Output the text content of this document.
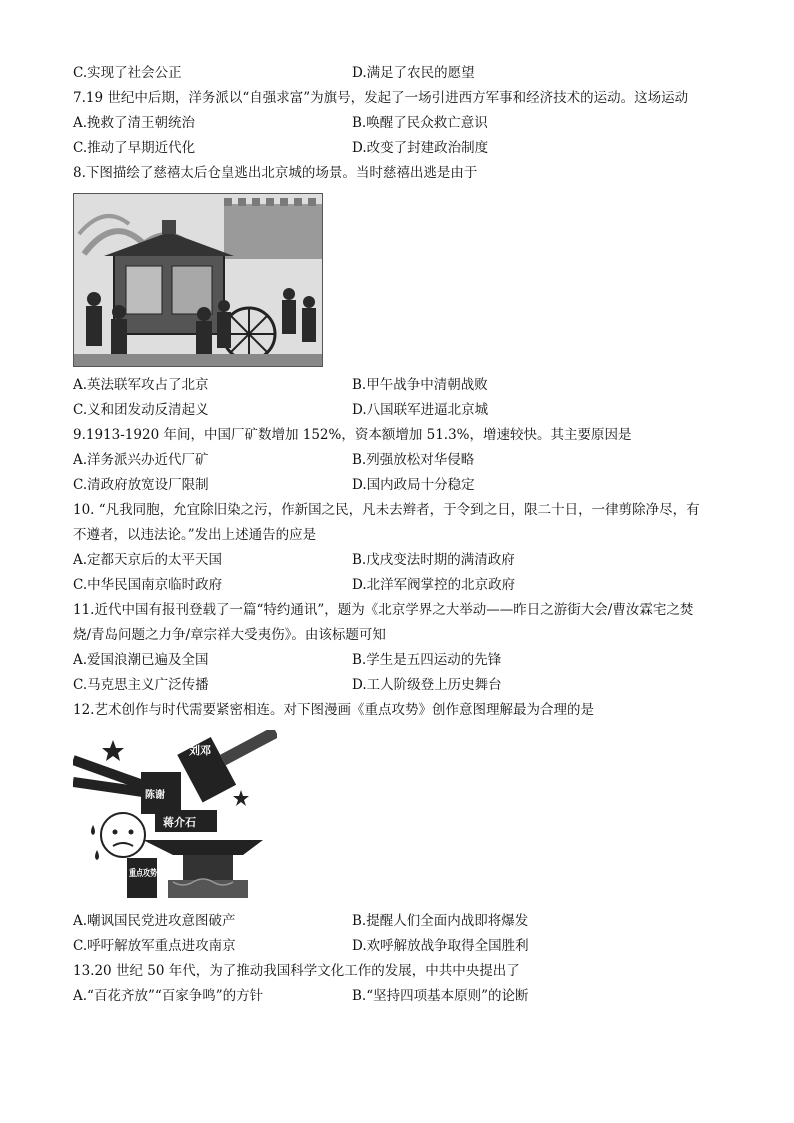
C.实现了社会公正	D.满足了农民的愿望
7.19 世纪中后期，洋务派以“自强求富”为旗号，发起了一场引进西方军事和经济技术的运动。这场运动
A.挽救了清王朝统治	B.唤醒了民众救亡意识
C.推动了早期近代化	D.改变了封建政治制度
8.下图描绘了慈禧太后仓皇逃出北京城的场景。当时慈禧出逃是由于
A.英法联军攻占了北京	B.甲午战争中清朝战败
C.义和团发动反清起义	D.八国联军进逼北京城
9.1913-1920 年间，中国厂矿数增加 152%，资本额增加 51.3%，增速较快。其主要原因是
A.洋务派兴办近代厂矿	B.列强放松对华侵略
C.清政府放宽设厂限制	D.国内政局十分稳定
10. “凡我同胞，允宜除旧染之污，作新国之民，凡未去辫者，于令到之日，限二十日，一律剪除净尽，有
不遵者，以违法论。”发出上述通告的应是
A.定都天京后的太平天国	B.戊戌变法时期的满清政府
C.中华民国南京临时政府	D.北洋军阀掌控的北京政府
11.近代中国有报刊登载了一篇“特约通讯”，题为《北京学界之大举动——昨日之游街大会/曹汝霖宅之焚
烧/青岛问题之力争/章宗祥大受夷伤》。由该标题可知
A.爱国浪潮已遍及全国	B.学生是五四运动的先锋
C.马克思主义广泛传播	D.工人阶级登上历史舞台
12.艺术创作与时代需要紧密相连。对下图漫画《重点攻势》创作意图理解最为合理的是
刘邓
陈谢
蒋介石
重点攻势
A.嘲讽国民党进攻意图破产	B.提醒人们全面内战即将爆发
C.呼吁解放军重点进攻南京	D.欢呼解放战争取得全国胜利
13.20 世纪 50 年代，为了推动我国科学文化工作的发展，中共中央提出了
A.“百花齐放”“百家争鸣”的方针	B.“坚持四项基本原则”的论断
